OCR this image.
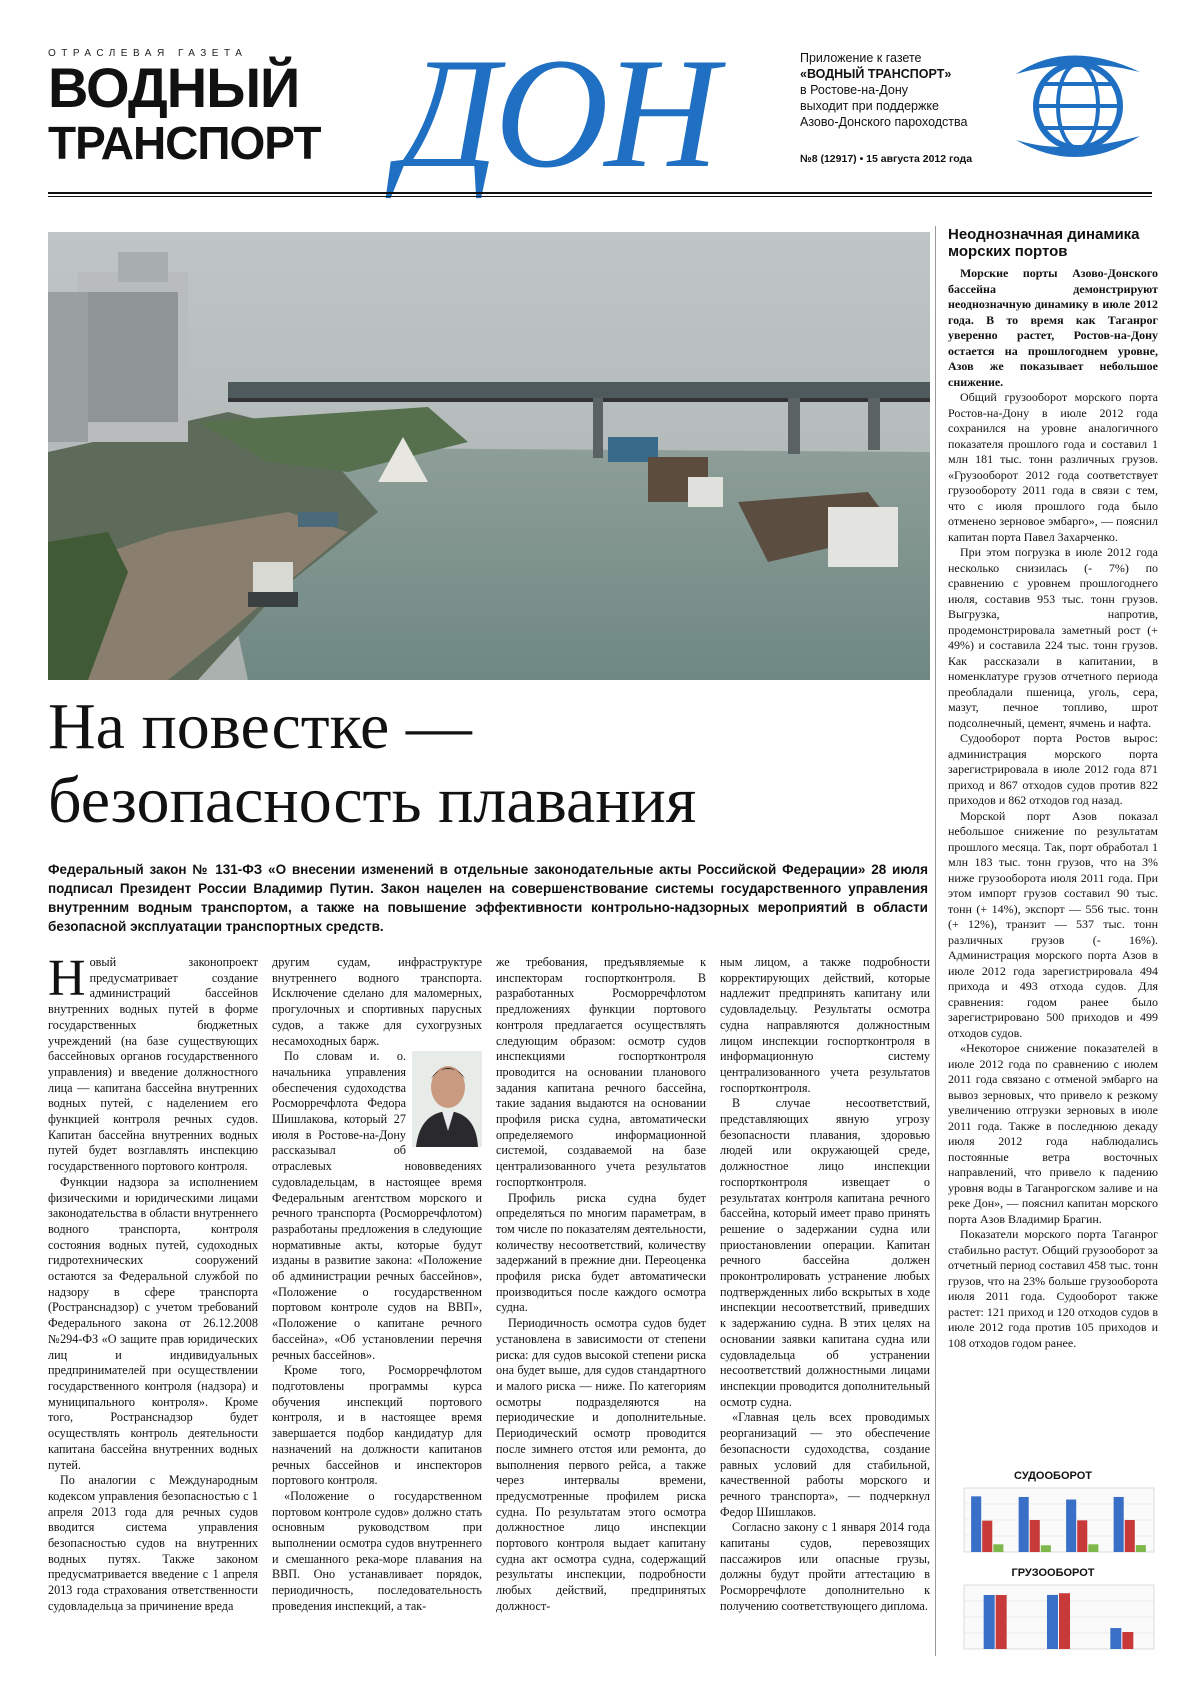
ОТРАСЛЕВАЯ ГАЗЕТА
ВОДНЫЙ
ТРАНСПОРТ ДОН	Приложение к газете
«ВОДНЫЙ ТРАНСПОРТ»
в Ростове-на-Дону
выходит при поддержке
Азово-Донского пароходства
№8 (12917) • 15 августа 2012 года
На повестке —
безопасность плавания
Федеральный закон № 131-ФЗ «О внесении изменений в отдельные законодательные акты Российской Федерации» 28 июля подписал Президент России Владимир Путин. Закон нацелен на совершенствование системы государственного управления внутренним водным транспортом, а также на повышение эффективности контрольно-надзорных мероприятий в области безопасной эксплуатации транспортных средств.

Новый законопроект предусматривает создание администраций бассейнов внутренних водных путей в форме государственных бюджетных учреждений (на базе существующих бассейновых органов государственного управления) и введение должностного лица — капитана бассейна внутренних водных путей, с наделением его функцией контроля речных судов. Капитан бассейна внутренних водных путей будет возглавлять инспекцию государственного портового контроля.

Функции надзора за исполнением физическими и юридическими лицами законодательства в области внутреннего водного транспорта, контроля состояния водных путей, судоходных гидротехнических сооружений остаются за Федеральной службой по надзору в сфере транспорта (Ространснадзор) с учетом требований Федерального закона от 26.12.2008 №294-ФЗ «О защите прав юридических лиц и индивидуальных предпринимателей при осуществлении государственного контроля (надзора) и муниципального контроля». Кроме того, Ространснадзор будет осуществлять контроль деятельности капитана бассейна внутренних водных путей.

По аналогии с Международным кодексом управления безопасностью с 1 апреля 2013 года для речных судов вводится система управления безопасностью судов на внутренних водных путях. Также законом предусматривается введение с 1 апреля 2013 года страхования ответственности судовладельца за причинение вреда

другим судам, инфраструктуре внутреннего водного транспорта. Исключение сделано для маломерных, прогулочных и спортивных парусных судов, а также для сухогрузных несамоходных барж.

По словам и. о. начальника управления обеспечения судоходства Росморречфлота Федора Шишлакова, который 27 июля в Ростове-на-Дону рассказывал об отраслевых нововведениях судовладельцам, в настоящее время Федеральным агентством морского и речного транспорта (Росморречфлотом) разработаны предложения в следующие нормативные акты, которые будут изданы в развитие закона: «Положение об администрации речных бассейнов», «Положение о государственном портовом контроле судов на ВВП», «Положение о капитане речного бассейна», «Об установлении перечня речных бассейнов».

Кроме того, Росморречфлотом подготовлены программы курса обучения инспекций портового контроля, и в настоящее время завершается подбор кандидатур для назначений на должности капитанов речных бассейнов и инспекторов портового контроля.

«Положение о государственном портовом контроле судов» должно стать основным руководством при выполнении осмотра судов внутреннего и смешанного река-море плавания на ВВП. Оно устанавливает порядок, периодичность, последовательность проведения инспекций, а так-

же требования, предъявляемые к инспекторам госпортконтроля. В разработанных Росморречфлотом предложениях функции портового контроля предлагается осуществлять следующим образом: осмотр судов инспекциями госпортконтроля проводится на основании планового задания капитана речного бассейна, такие задания выдаются на основании профиля риска судна, автоматически определяемого информационной системой, создаваемой на базе централизованного учета результатов госпортконтроля.

Профиль риска судна будет определяться по многим параметрам, в том числе по показателям деятельности, количеству несоответствий, количеству задержаний в прежние дни. Переоценка профиля риска будет автоматически производиться после каждого осмотра судна.

Периодичность осмотра судов будет установлена в зависимости от степени риска: для судов высокой степени риска она будет выше, для судов стандартного и малого риска — ниже. По категориям осмотры подразделяются на периодические и дополнительные. Периодический осмотр проводится после зимнего отстоя или ремонта, до выполнения первого рейса, а также через интервалы времени, предусмотренные профилем риска судна. По результатам этого осмотра должностное лицо инспекции портового контроля выдает капитану судна акт осмотра судна, содержащий результаты инспекции, подробности любых действий, предпринятых должност-

ным лицом, а также подробности корректирующих действий, которые надлежит предпринять капитану или судовладельцу. Результаты осмотра судна направляются должностным лицом инспекции госпортконтроля в информационную систему централизованного учета результатов госпортконтроля.

В случае несоответствий, представляющих явную угрозу безопасности плавания, здоровью людей или окружающей среде, должностное лицо инспекции госпортконтроля извещает о результатах контроля капитана речного бассейна, который имеет право принять решение о задержании судна или приостановлении операции. Капитан речного бассейна должен проконтролировать устранение любых подтвержденных либо вскрытых в ходе инспекции несоответствий, приведших к задержанию судна. В этих целях на основании заявки капитана судна или судовладельца об устранении несоответствий должностными лицами инспекции проводится дополнительный осмотр судна.

«Главная цель всех проводимых реорганизаций — это обеспечение безопасности судоходства, создание равных условий для стабильной, качественной работы морского и речного транспорта», — подчеркнул Федор Шишлаков.

Согласно закону с 1 января 2014 года капитаны судов, перевозящих пассажиров или опасные грузы, должны будут пройти аттестацию в Росморречфлоте дополнительно к получению соответствующего диплома.

Неоднозначная динамика морских портов
Морские порты Азово-Донского бассейна демонстрируют неоднозначную динамику в июле 2012 года. В то время как Таганрог уверенно растет, Ростов-на-Дону остается на прошлогоднем уровне, Азов же показывает небольшое снижение.

Общий грузооборот морского порта Ростов-на-Дону в июле 2012 года сохранился на уровне аналогичного показателя прошлого года и составил 1 млн 181 тыс. тонн различных грузов. «Грузооборот 2012 года соответствует грузообороту 2011 года в связи с тем, что с июля прошлого года было отменено зерновое эмбарго», — пояснил капитан порта Павел Захарченко.

При этом погрузка в июле 2012 года несколько снизилась (- 7%) по сравнению с уровнем прошлогоднего июля, составив 953 тыс. тонн грузов. Выгрузка, напротив, продемонстрировала заметный рост (+ 49%) и составила 224 тыс. тонн грузов. Как рассказали в капитании, в номенклатуре грузов отчетного периода преобладали пшеница, уголь, сера, мазут, печное топливо, шрот подсолнечный, цемент, ячмень и нафта.

Судооборот порта Ростов вырос: администрация морского порта зарегистрировала в июле 2012 года 871 приход и 867 отходов судов против 822 приходов и 862 отходов год назад.

Морской порт Азов показал небольшое снижение по результатам прошлого месяца. Так, порт обработал 1 млн 183 тыс. тонн грузов, что на 3% ниже грузооборота июля 2011 года. При этом импорт грузов составил 90 тыс. тонн (+ 14%), экспорт — 556 тыс. тонн (+ 12%), транзит — 537 тыс. тонн различных грузов (- 16%). Администрация морского порта Азов в июле 2012 года зарегистрировала 494 прихода и 493 отхода судов. Для сравнения: годом ранее было зарегистрировано 500 приходов и 499 отходов судов.

«Некоторое снижение показателей в июле 2012 года по сравнению с июлем 2011 года связано с отменой эмбарго на вывоз зерновых, что привело к резкому увеличению отгрузки зерновых в июле 2011 года. Также в последнюю декаду июля 2012 года наблюдались постоянные ветра восточных направлений, что привело к падению уровня воды в Таганрогском заливе и на реке Дон», — пояснил капитан морского порта Азов Владимир Брагин.

Показатели морского порта Таганрог стабильно растут. Общий грузооборот за отчетный период составил 458 тыс. тонн грузов, что на 23% больше грузооборота июля 2011 года. Судооборот также растет: 121 приход и 120 отходов судов в июле 2012 года против 105 приходов и 108 отходов годом ранее.

СУДООБОРОТ
ГРУЗООБОРОТ
